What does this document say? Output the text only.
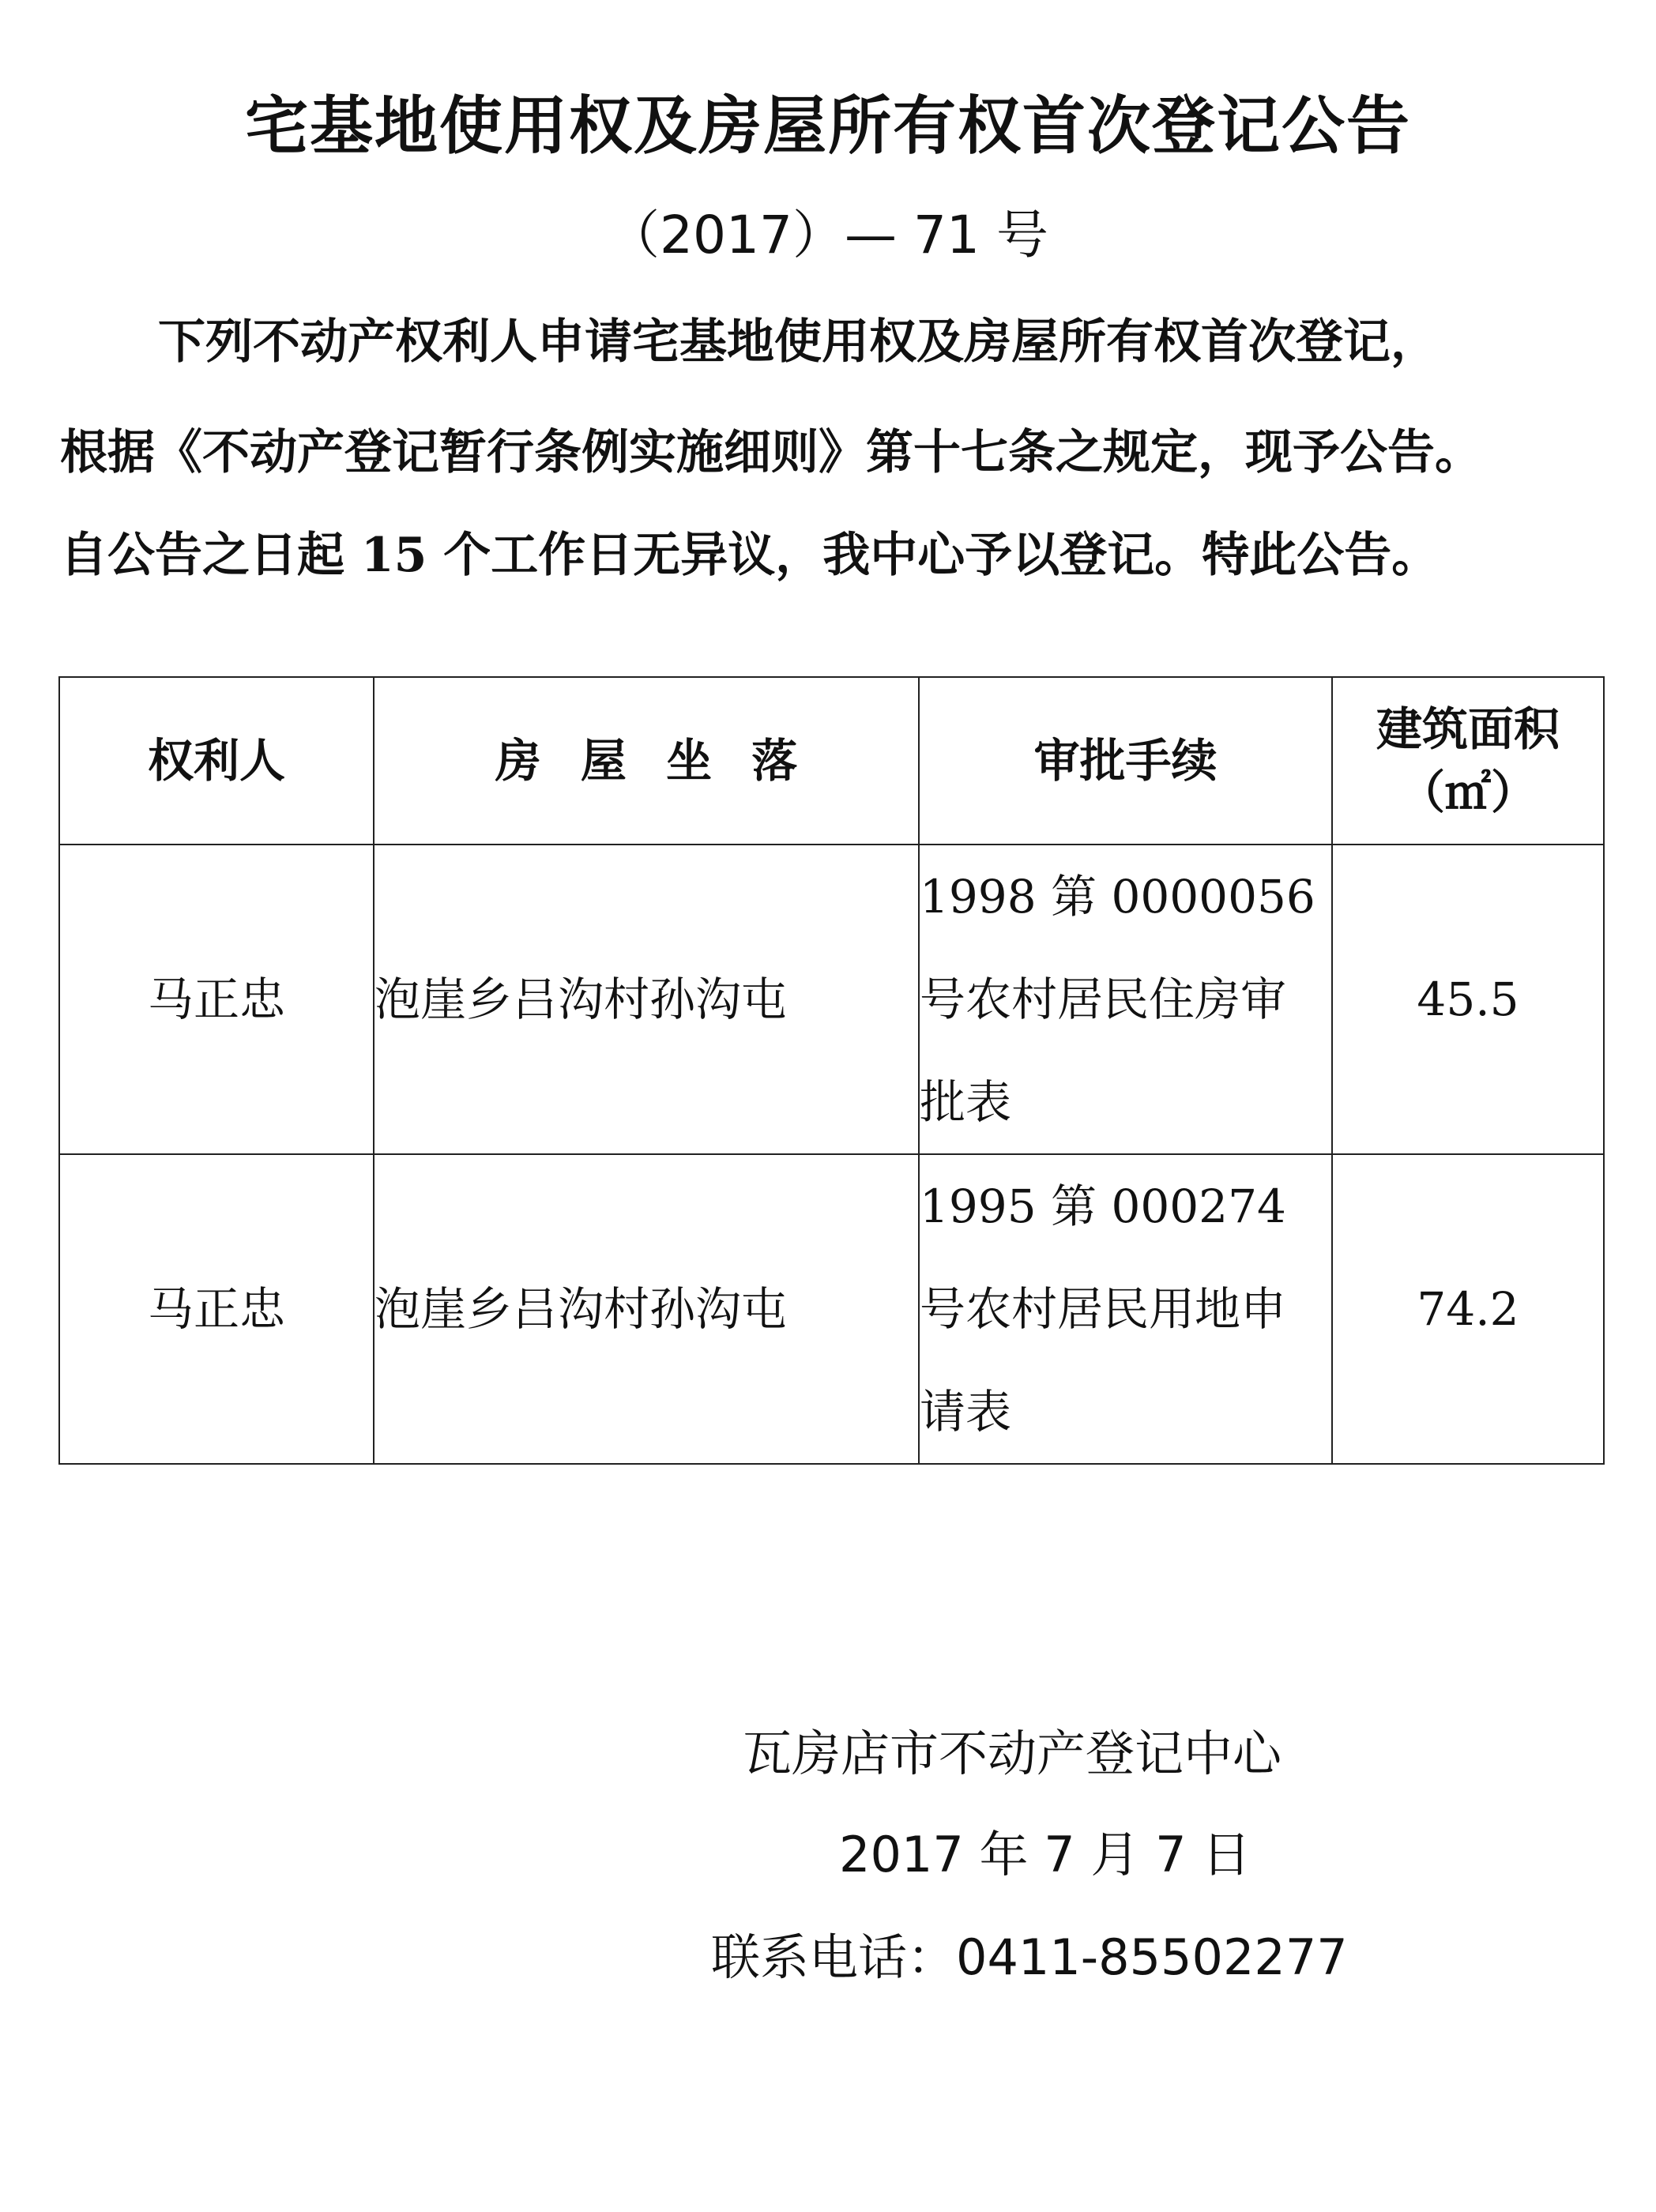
宅基地使用权及房屋所有权首次登记公告
（2017）— 71 号
下列不动产权利人申请宅基地使用权及房屋所有权首次登记，
根据《不动产登记暂行条例实施细则》第十七条之规定，现予公告。
自公告之日起 15 个工作日无异议，我中心予以登记。特此公告。
权利人	房 屋 坐 落	审批手续	建筑面积
（㎡）

马正忠	泡崖乡吕沟村孙沟屯	1998 第 0000056 号农村居民住房审批表	45.5
马正忠	泡崖乡吕沟村孙沟屯	1995 第 000274 号农村居民用地申请表	74.2
瓦房店市不动产登记中心
2017 年 7 月 7 日
联系电话：0411-85502277
